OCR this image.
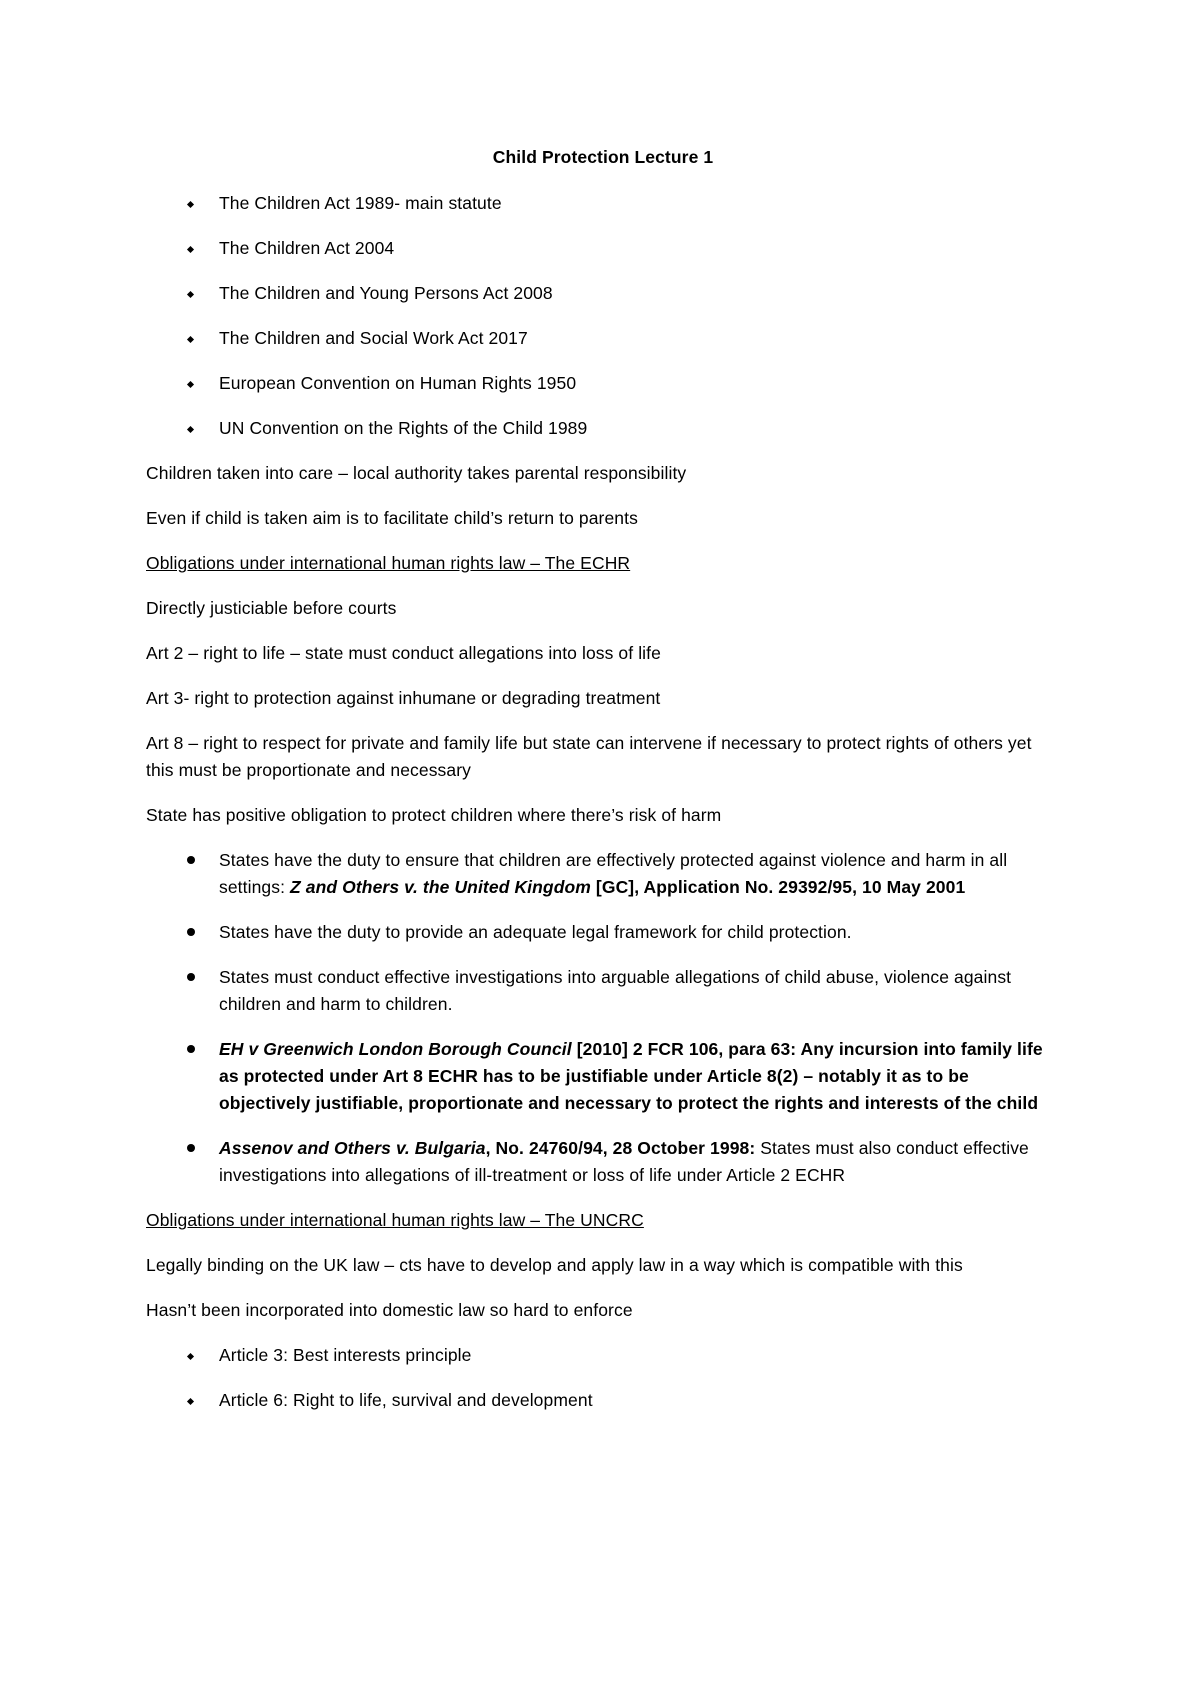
Child Protection Lecture 1
The Children Act 1989- main statute
The Children Act 2004
The Children and Young Persons Act 2008
The Children and Social Work Act 2017
European Convention on Human Rights 1950
UN Convention on the Rights of the Child 1989

Children taken into care – local authority takes parental responsibility

Even if child is taken aim is to facilitate child’s return to parents

Obligations under international human rights law – The ECHR

Directly justiciable before courts

Art 2 – right to life – state must conduct allegations into loss of life

Art 3- right to protection against inhumane or degrading treatment

Art 8 – right to respect for private and family life but state can intervene if necessary to protect rights of others yet this must be proportionate and necessary

State has positive obligation to protect children where there’s risk of harm

States have the duty to ensure that children are effectively protected against violence and harm in all settings: Z and Others v. the United Kingdom [GC], Application No. 29392/95, 10 May 2001
States have the duty to provide an adequate legal framework for child protection.
States must conduct effective investigations into arguable allegations of child abuse, violence against children and harm to children.
EH v Greenwich London Borough Council [2010] 2 FCR 106, para 63: Any incursion into family life as protected under Art 8 ECHR has to be justifiable under Article 8(2) – notably it as to be objectively justifiable, proportionate and necessary to protect the rights and interests of the child
Assenov and Others v. Bulgaria, No. 24760/94, 28 October 1998: States must also conduct effective investigations into allegations of ill-treatment or loss of life under Article 2 ECHR

Obligations under international human rights law – The UNCRC

Legally binding on the UK law – cts have to develop and apply law in a way which is compatible with this

Hasn’t been incorporated into domestic law so hard to enforce

Article 3: Best interests principle
Article 6: Right to life, survival and development
